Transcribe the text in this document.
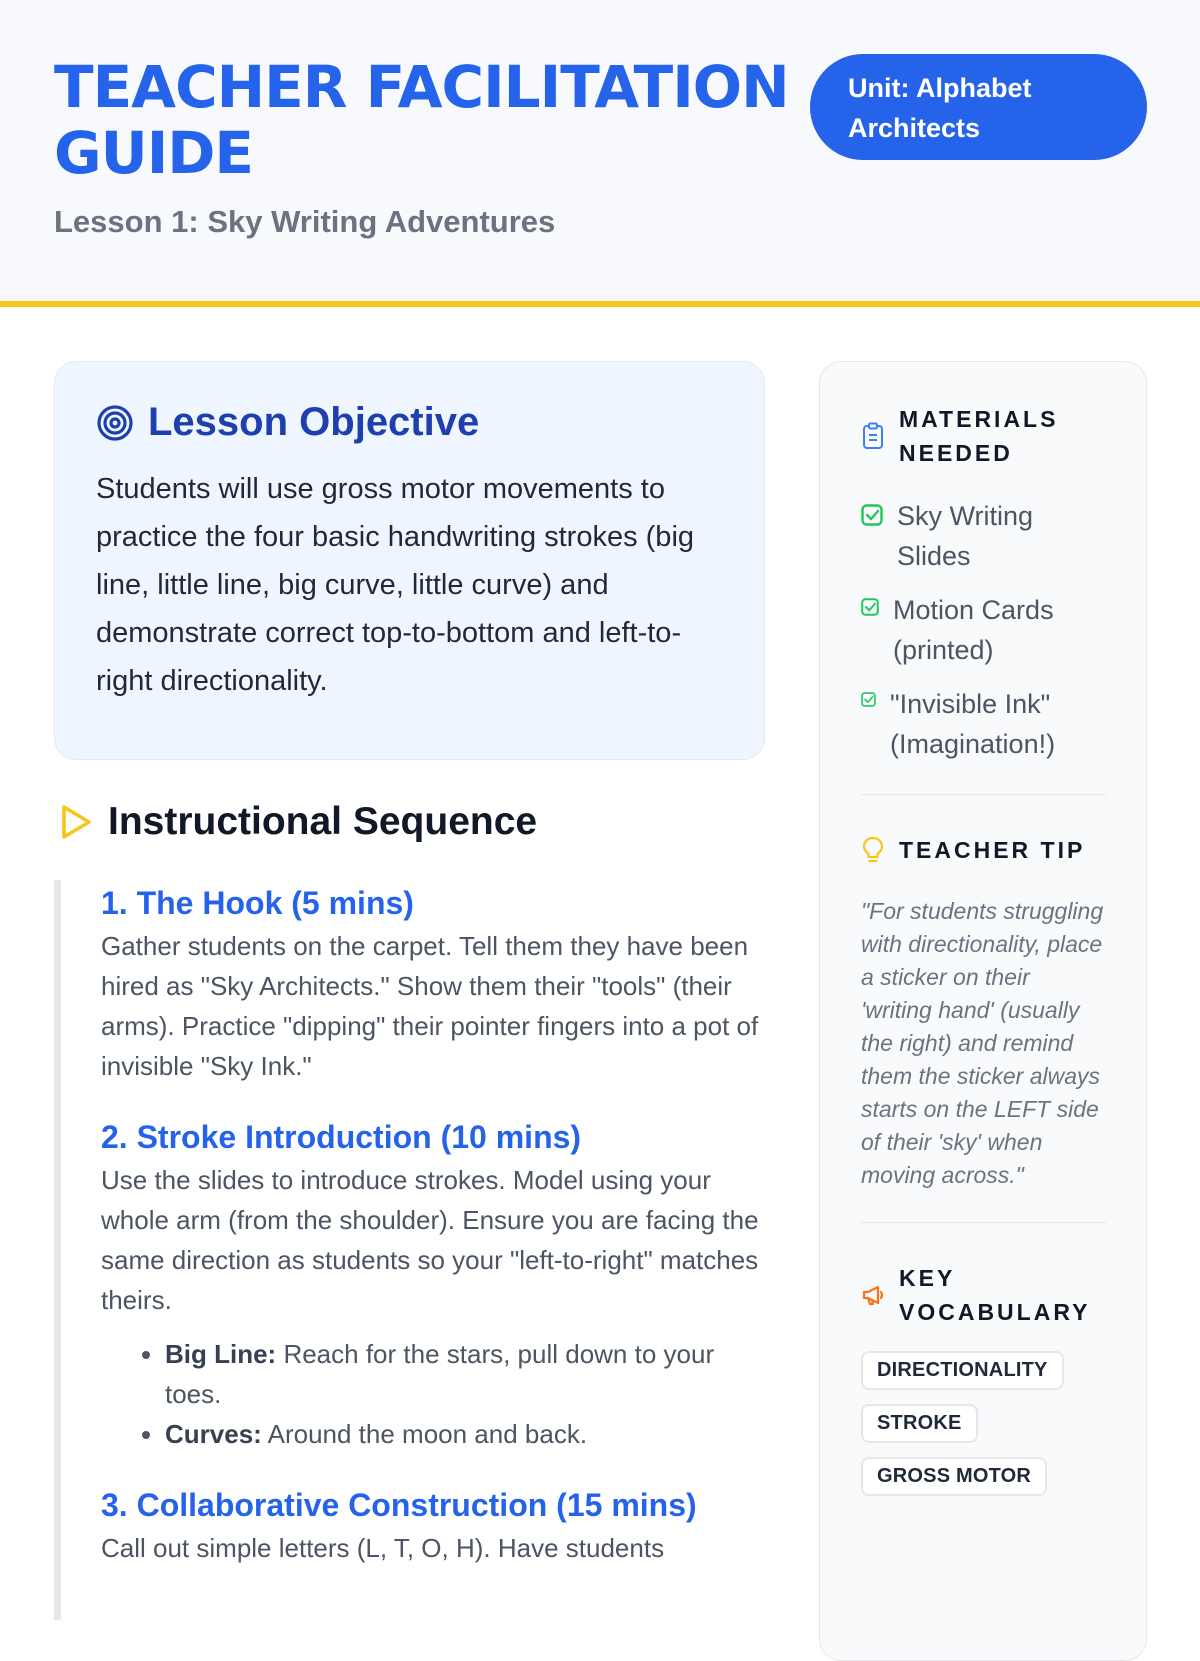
TEACHER FACILITATION GUIDE
Lesson 1: Sky Writing Adventures
Unit: Alphabet Architects
Lesson Objective

Students will use gross motor movements to practice the four basic handwriting strokes (big line, little line, big curve, little curve) and demonstrate correct top-to-bottom and left-to-right directionality.

Instructional Sequence
1. The Hook (5 mins)

Gather students on the carpet. Tell them they have been hired as "Sky Architects." Show them their "tools" (their arms). Practice "dipping" their pointer fingers into a pot of invisible "Sky Ink."

2. Stroke Introduction (10 mins)

Use the slides to introduce strokes. Model using your whole arm (from the shoulder). Ensure you are facing the same direction as students so your "left-to-right" matches theirs.

• Big Line: Reach for the stars, pull down to your toes.
• Curves: Around the moon and back.
3. Collaborative Construction (15 mins)

Call out simple letters (L, T, O, H). Have students

MATERIALS NEEDED
Sky Writing Slides
Motion Cards (printed)
"Invisible Ink" (Imagination!)
TEACHER TIP

"For students struggling with directionality, place a sticker on their 'writing hand' (usually the right) and remind them the sticker always starts on the LEFT side of their 'sky' when moving across."

KEY VOCABULARY
DIRECTIONALITY
STROKE
GROSS MOTOR
